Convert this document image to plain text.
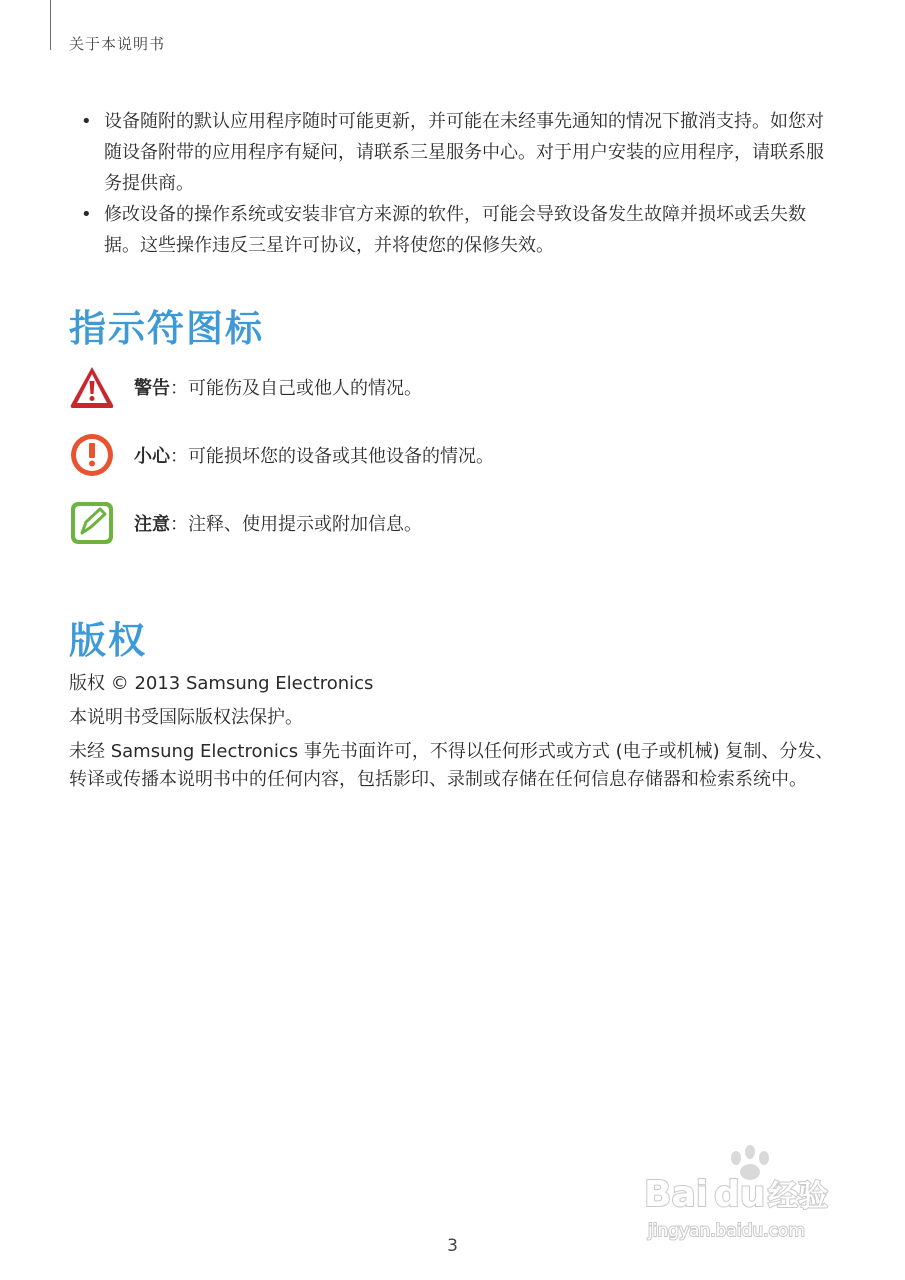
关于本说明书
• 设备随附的默认应用程序随时可能更新，并可能在未经事先通知的情况下撤消支持。如您对随设备附带的应用程序有疑问，请联系三星服务中心。对于用户安装的应用程序，请联系服务提供商。
• 修改设备的操作系统或安装非官方来源的软件，可能会导致设备发生故障并损坏或丢失数据。这些操作违反三星许可协议，并将使您的保修失效。
指示符图标
警告：可能伤及自己或他人的情况。
小心：可能损坏您的设备或其他设备的情况。
注意：注释、使用提示或附加信息。
版权

版权 © 2013 Samsung Electronics

本说明书受国际版权法保护。

未经 Samsung Electronics 事先书面许可，不得以任何形式或方式 (电子或机械) 复制、分发、转译或传播本说明书中的任何内容，包括影印、录制或存储在任何信息存储器和检索系统中。

Bai du 经验
jingyan.baidu.com
3
